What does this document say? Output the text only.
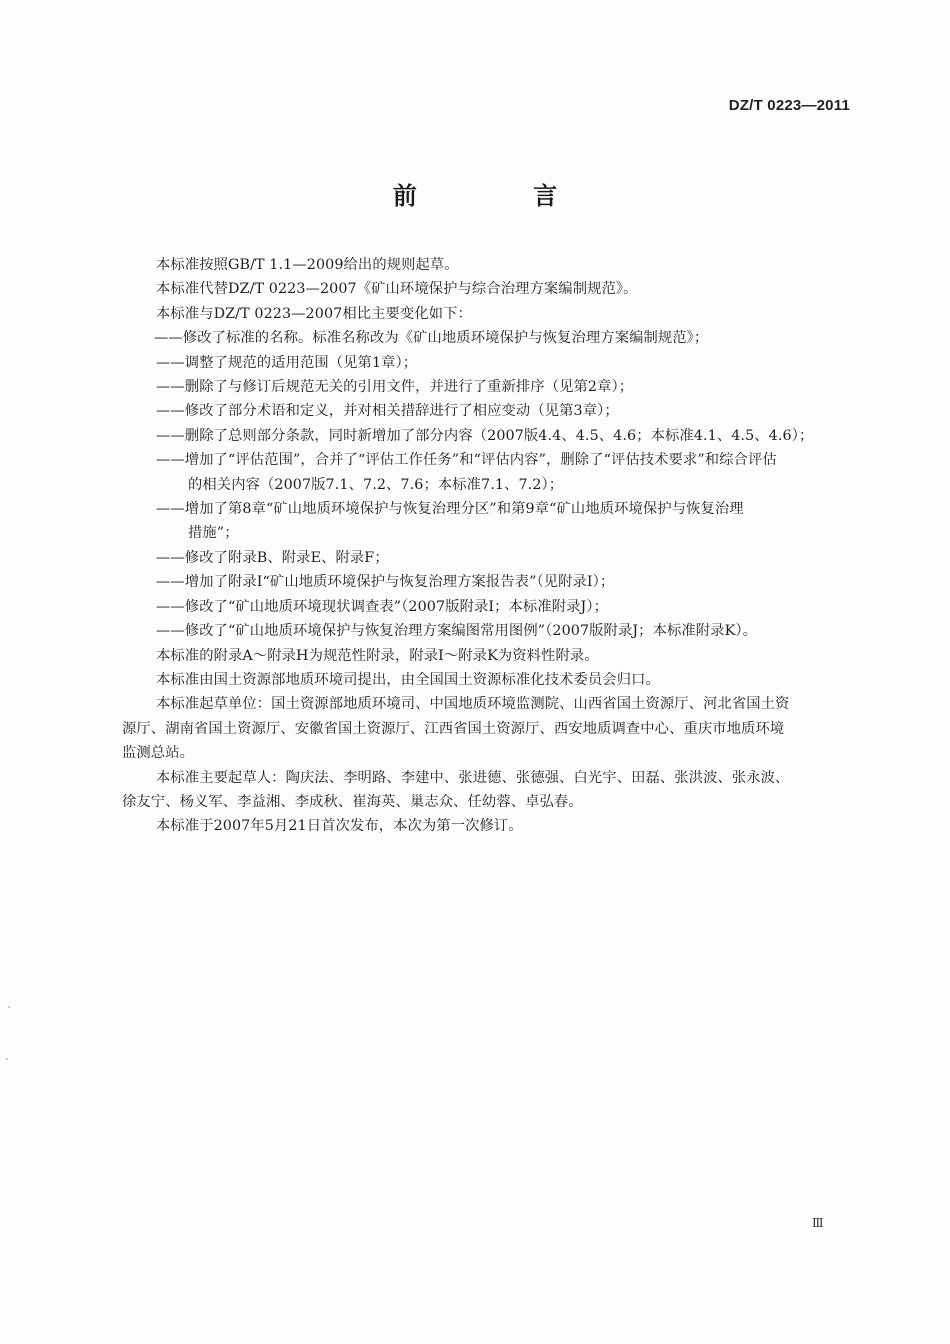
DZ/T 0223—2011
前 言

本标准按照GB/T 1.1—2009给出的规则起草。

本标准代替DZ/T 0223—2007《矿山环境保护与综合治理方案编制规范》。

本标准与DZ/T 0223—2007相比主要变化如下：

——修改了标准的名称。标准名称改为《矿山地质环境保护与恢复治理方案编制规范》；

——调整了规范的适用范围（见第1章）；

——删除了与修订后规范无关的引用文件，并进行了重新排序（见第2章）；

——修改了部分术语和定义，并对相关措辞进行了相应变动（见第3章）；

——删除了总则部分条款，同时新增加了部分内容（2007版4.4、4.5、4.6；本标准4.1、4.5、4.6）；

——增加了“评估范围”，合并了“评估工作任务”和“评估内容”，删除了“评估技术要求”和综合评估

的相关内容（2007版7.1、7.2、7.6；本标准7.1、7.2）；

——增加了第8章“矿山地质环境保护与恢复治理分区”和第9章“矿山地质环境保护与恢复治理

措施”；

——修改了附录B、附录E、附录F；

——增加了附录I“矿山地质环境保护与恢复治理方案报告表”（见附录I）；

——修改了“矿山地质环境现状调查表”（2007版附录I；本标准附录J）；

——修改了“矿山地质环境保护与恢复治理方案编图常用图例”（2007版附录J；本标准附录K）。

本标准的附录A～附录H为规范性附录，附录I～附录K为资料性附录。

本标准由国土资源部地质环境司提出，由全国国土资源标准化技术委员会归口。

本标准起草单位：国土资源部地质环境司、中国地质环境监测院、山西省国土资源厅、河北省国土资

源厅、湖南省国土资源厅、安徽省国土资源厅、江西省国土资源厅、西安地质调查中心、重庆市地质环境

监测总站。

本标准主要起草人：陶庆法、李明路、李建中、张进德、张德强、白光宇、田磊、张洪波、张永波、

徐友宁、杨义军、李益湘、李成秋、崔海英、巢志众、任幼蓉、卓弘春。

本标准于2007年5月21日首次发布，本次为第一次修订。

Ⅲ
